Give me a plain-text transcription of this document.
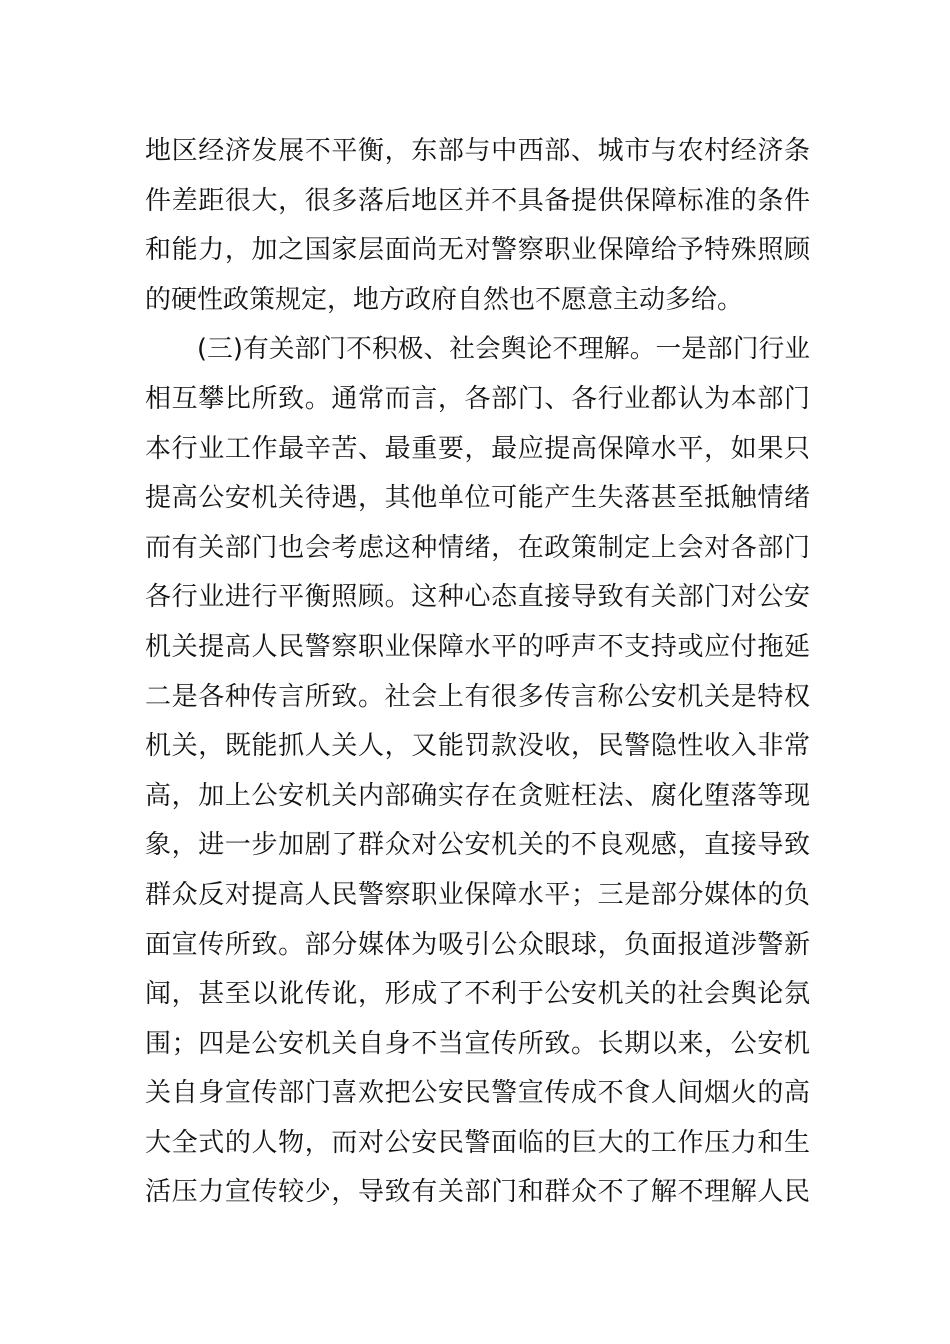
地区经济发展不平衡，东部与中西部、城市与农村经济条
件差距很大，很多落后地区并不具备提供保障标准的条件
和能力，加之国家层面尚无对警察职业保障给予特殊照顾
的硬性政策规定，地方政府自然也不愿意主动多给。
(三)有关部门不积极、社会舆论不理解。一是部门行业
相互攀比所致。通常而言，各部门、各行业都认为本部门
本行业工作最辛苦、最重要，最应提高保障水平，如果只
提高公安机关待遇，其他单位可能产生失落甚至抵触情绪
而有关部门也会考虑这种情绪，在政策制定上会对各部门
各行业进行平衡照顾。这种心态直接导致有关部门对公安
机关提高人民警察职业保障水平的呼声不支持或应付拖延
二是各种传言所致。社会上有很多传言称公安机关是特权
机关，既能抓人关人，又能罚款没收，民警隐性收入非常
高，加上公安机关内部确实存在贪赃枉法、腐化堕落等现
象，进一步加剧了群众对公安机关的不良观感，直接导致
群众反对提高人民警察职业保障水平；三是部分媒体的负
面宣传所致。部分媒体为吸引公众眼球，负面报道涉警新
闻，甚至以讹传讹，形成了不利于公安机关的社会舆论氛
围；四是公安机关自身不当宣传所致。长期以来，公安机
关自身宣传部门喜欢把公安民警宣传成不食人间烟火的高
大全式的人物，而对公安民警面临的巨大的工作压力和生
活压力宣传较少，导致有关部门和群众不了解不理解人民
